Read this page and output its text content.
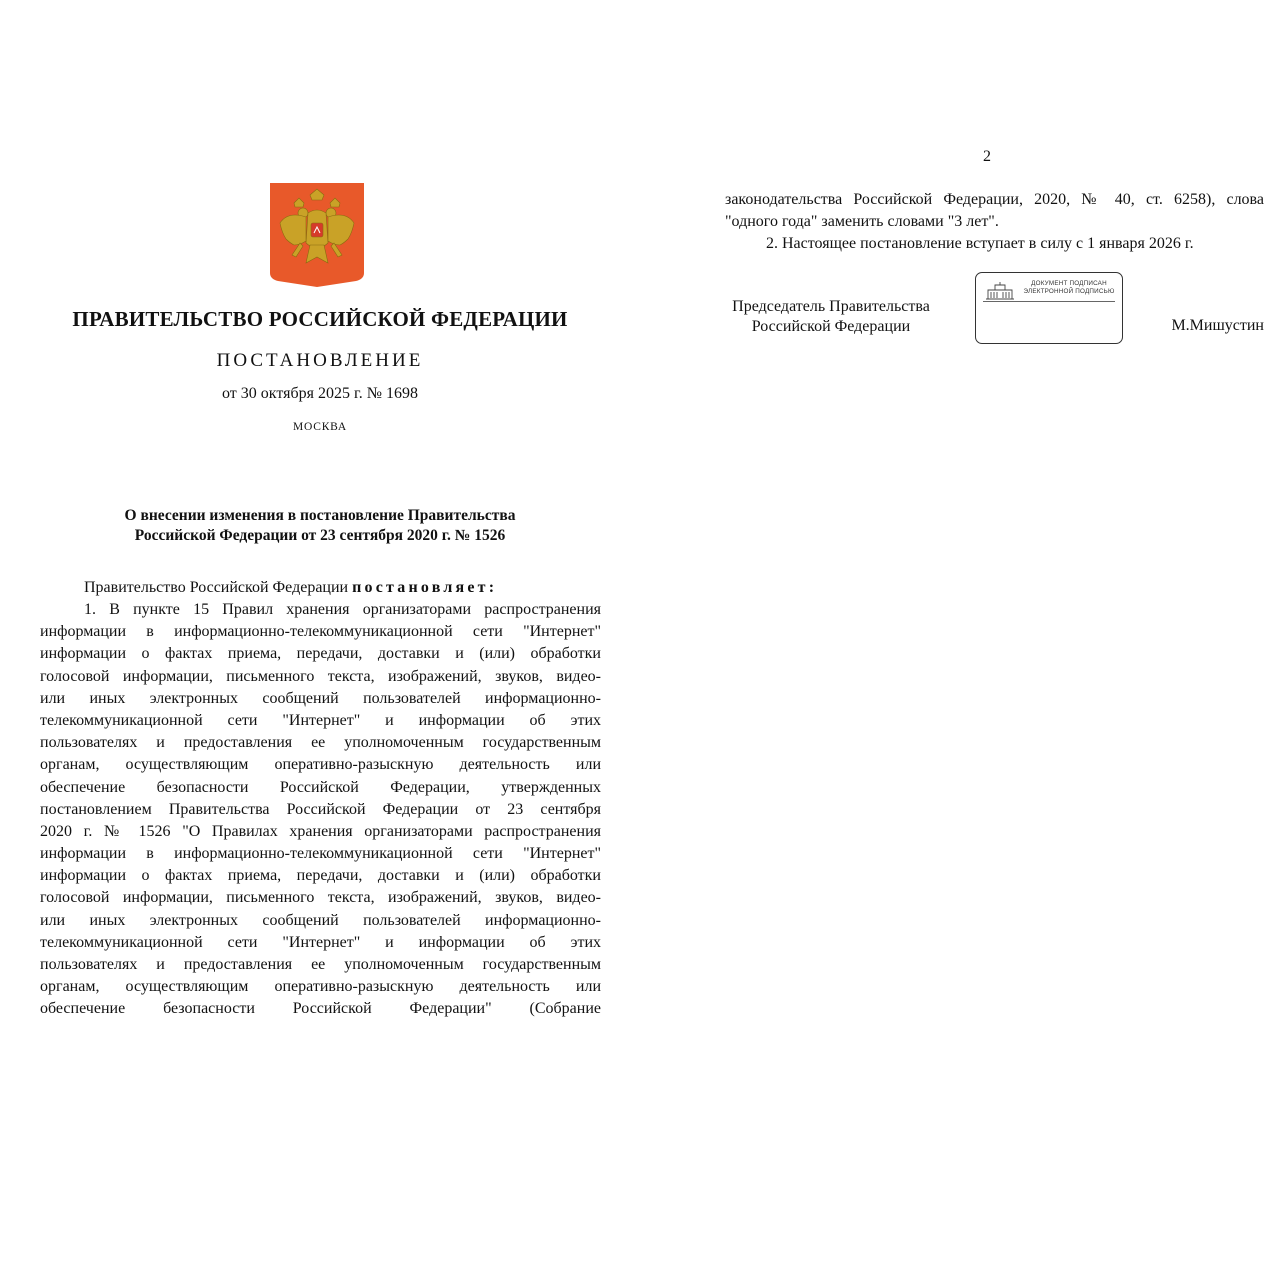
ПРАВИТЕЛЬСТВО РОССИЙСКОЙ ФЕДЕРАЦИИ
ПОСТАНОВЛЕНИЕ
от 30 октября 2025 г. № 1698
МОСКВА
О внесении изменения в постановление Правительства
Российской Федерации от 23 сентября 2020 г. № 1526
Правительство Российской Федерации постановляет:
1. В пункте 15 Правил хранения организаторами распространения
информации в информационно-телекоммуникационной сети "Интернет"
информации о фактах приема, передачи, доставки и (или) обработки
голосовой информации, письменного текста, изображений, звуков, видео-
или иных электронных сообщений пользователей информационно-
телекоммуникационной сети "Интернет" и информации об этих
пользователях и предоставления ее уполномоченным государственным
органам, осуществляющим оперативно-разыскную деятельность или
обеспечение безопасности Российской Федерации, утвержденных
постановлением Правительства Российской Федерации от 23 сентября
2020 г. № 1526 "О Правилах хранения организаторами распространения
информации в информационно-телекоммуникационной сети "Интернет"
информации о фактах приема, передачи, доставки и (или) обработки
голосовой информации, письменного текста, изображений, звуков, видео-
или иных электронных сообщений пользователей информационно-
телекоммуникационной сети "Интернет" и информации об этих
пользователях и предоставления ее уполномоченным государственным
органам, осуществляющим оперативно-разыскную деятельность или
обеспечение безопасности Российской Федерации" (Собрание
2
законодательства Российской Федерации, 2020, № 40, ст. 6258), слова
"одного года" заменить словами "3 лет".
2. Настоящее постановление вступает в силу с 1 января 2026 г.
Председатель Правительства
Российской Федерации
ДОКУМЕНТ ПОДПИСАН
ЭЛЕКТРОННОЙ ПОДПИСЬЮ
М.Мишустин
